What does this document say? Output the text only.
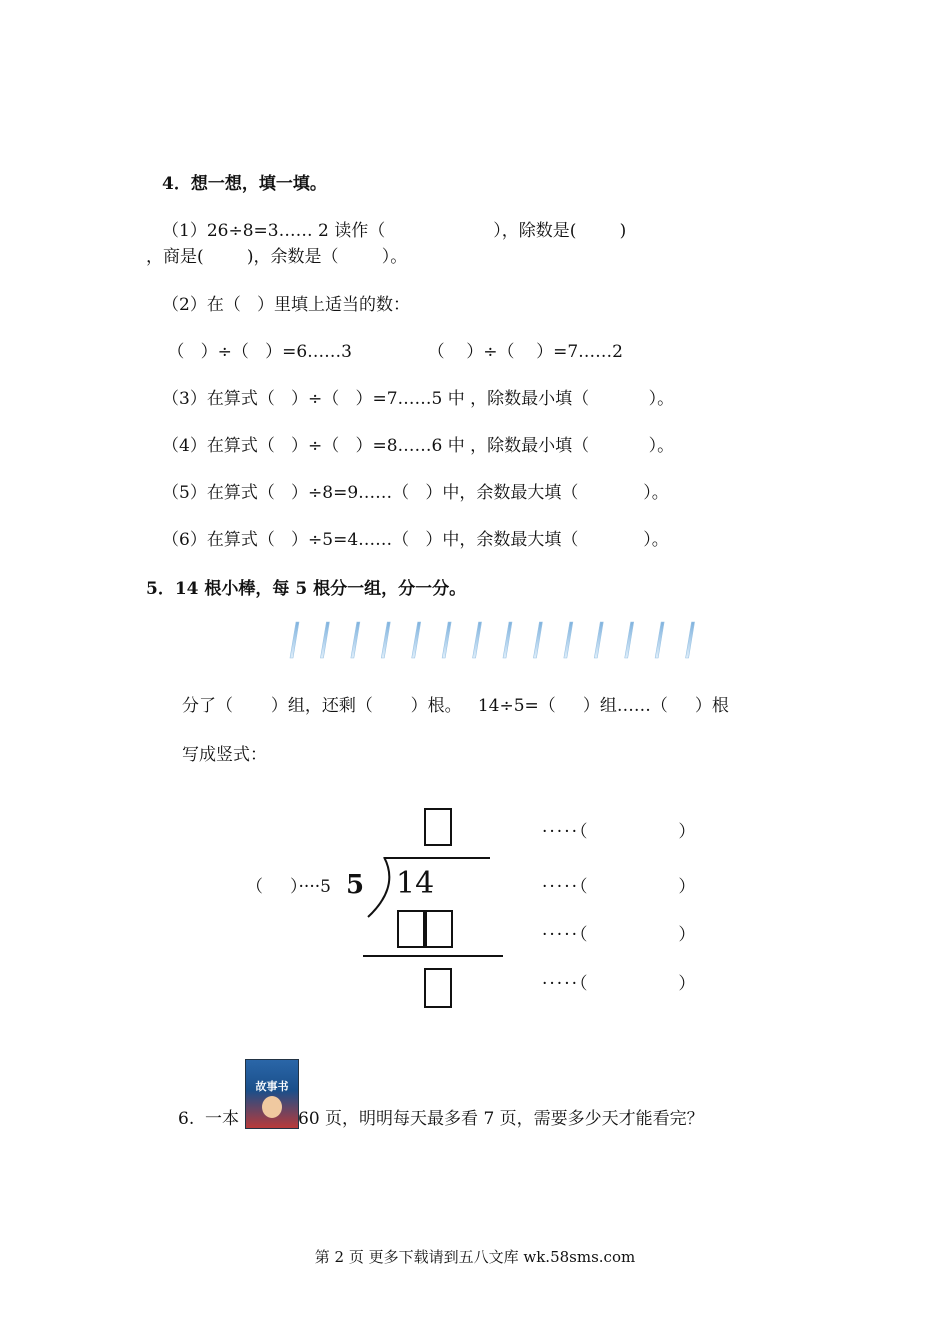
4．想一想，填一填。
（1）26÷8=3…… 2 读作（                    ），除数是(        )
，商是(        )，余数是（        ）。
（2）在（   ）里填上适当的数：
（   ）÷（   ）=6……3              （    ）÷（    ）=7……2
（3）在算式（   ）÷（   ）=7……5 中 ，除数最小填（           ）。
（4）在算式（   ）÷（   ）=8……6 中 ，除数最小填（           ）。
（5）在算式（   ）÷8=9……（   ）中，余数最大填（            ）。
（6）在算式（   ）÷5=4……（   ）中，余数最大填（            ）。
5．14 根小棒，每 5 根分一组，分一分。
分了（       ）组，还剩（       ）根。   14÷5=（     ）组……（     ）根
写成竖式：
（     ）····5 5 14
·····（            ）
·····（            ）
·····（            ）
·····（            ）
6.  一本
故事书
60 页，明明每天最多看 7 页，需要多少天才能看完？
第 2 页 更多下载请到五八文库 wk.58sms.com
